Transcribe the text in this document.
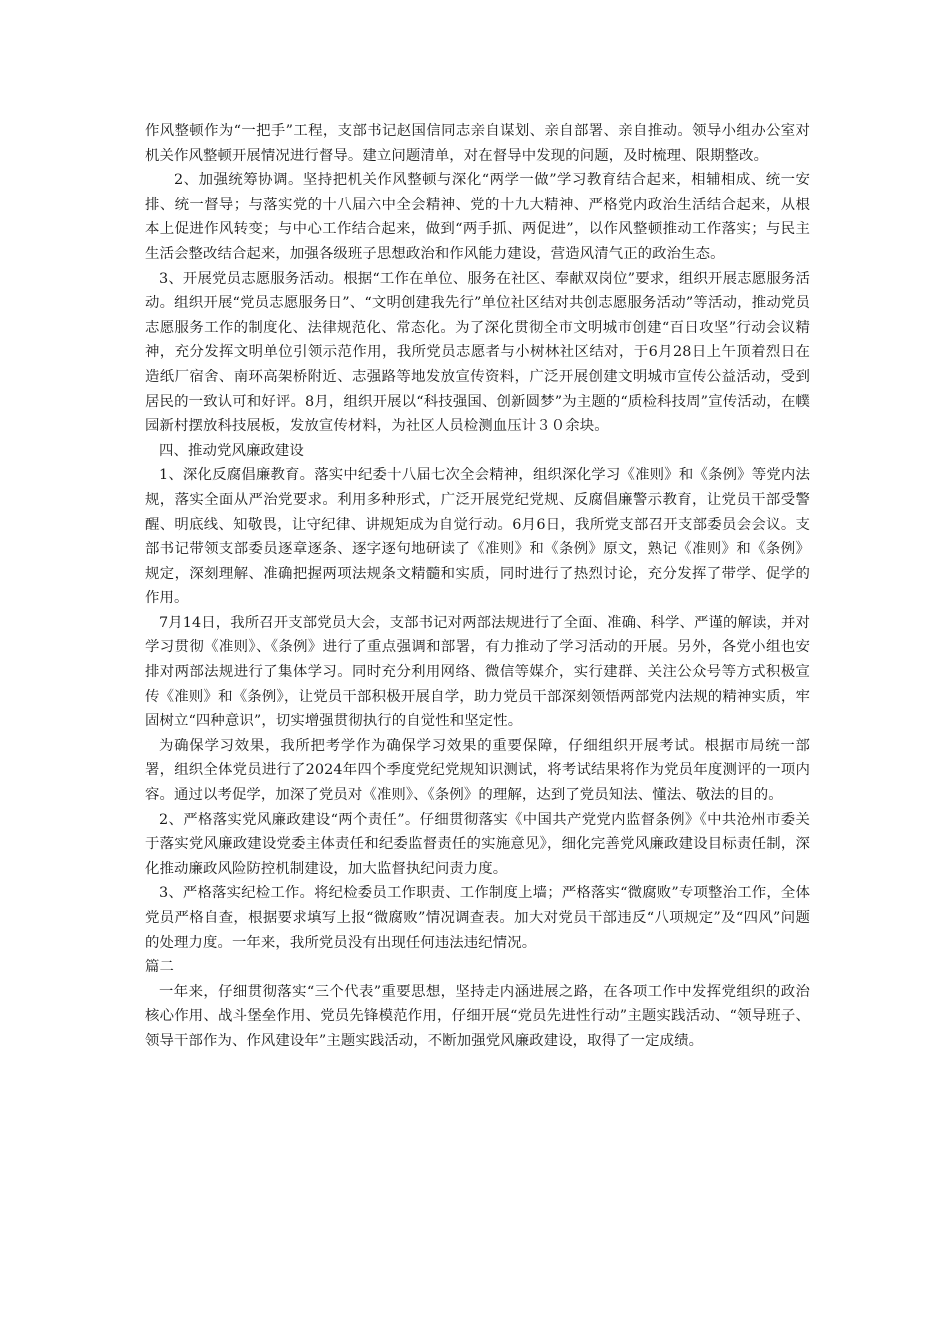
作风整顿作为“一把手”工程，支部书记赵国信同志亲自谋划、亲自部署、亲自推动。领导小组办公室对机关作风整顿开展情况进行督导。建立问题清单，对在督导中发现的问题，及时梳理、限期整改。

2、加强统筹协调。坚持把机关作风整顿与深化“两学一做”学习教育结合起来，相辅相成、统一安排、统一督导；与落实党的十八届六中全会精神、党的十九大精神、严格党内政治生活结合起来，从根本上促进作风转变；与中心工作结合起来，做到“两手抓、两促进”，以作风整顿推动工作落实；与民主生活会整改结合起来，加强各级班子思想政治和作风能力建设，营造风清气正的政治生态。

3、开展党员志愿服务活动。根据“工作在单位、服务在社区、奉献双岗位”要求，组织开展志愿服务活动。组织开展“党员志愿服务日”、“文明创建我先行”单位社区结对共创志愿服务活动”等活动，推动党员志愿服务工作的制度化、法律规范化、常态化。为了深化贯彻全市文明城市创建“百日攻坚”行动会议精神，充分发挥文明单位引领示范作用，我所党员志愿者与小树林社区结对，于6月28日上午顶着烈日在造纸厂宿舍、南环高架桥附近、志强路等地发放宣传资料，广泛开展创建文明城市宣传公益活动，受到居民的一致认可和好评。8月，组织开展以“科技强国、创新圆梦”为主题的“质检科技周”宣传活动，在幞园新村摆放科技展板，发放宣传材料，为社区人员检测血压计３０余块。

四、推动党风廉政建设

1、深化反腐倡廉教育。落实中纪委十八届七次全会精神，组织深化学习《准则》和《条例》等党内法规，落实全面从严治党要求。利用多种形式，广泛开展党纪党规、反腐倡廉警示教育，让党员干部受警醒、明底线、知敬畏，让守纪律、讲规矩成为自觉行动。6月6日，我所党支部召开支部委员会会议。支部书记带领支部委员逐章逐条、逐字逐句地研读了《准则》和《条例》原文，熟记《准则》和《条例》规定，深刻理解、准确把握两项法规条文精髓和实质，同时进行了热烈讨论，充分发挥了带学、促学的作用。

7月14日，我所召开支部党员大会，支部书记对两部法规进行了全面、准确、科学、严谨的解读，并对学习贯彻《准则》、《条例》进行了重点强调和部署，有力推动了学习活动的开展。另外，各党小组也安排对两部法规进行了集体学习。同时充分利用网络、微信等媒介，实行建群、关注公众号等方式积极宣传《准则》和《条例》，让党员干部积极开展自学，助力党员干部深刻领悟两部党内法规的精神实质，牢固树立“四种意识”，切实增强贯彻执行的自觉性和坚定性。

为确保学习效果，我所把考学作为确保学习效果的重要保障，仔细组织开展考试。根据市局统一部署，组织全体党员进行了2024年四个季度党纪党规知识测试，将考试结果将作为党员年度测评的一项内容。通过以考促学，加深了党员对《准则》、《条例》的理解，达到了党员知法、懂法、敬法的目的。

2、严格落实党风廉政建设“两个责任”。仔细贯彻落实《中国共产党党内监督条例》《中共沧州市委关于落实党风廉政建设党委主体责任和纪委监督责任的实施意见》，细化完善党风廉政建设目标责任制，深化推动廉政风险防控机制建设，加大监督执纪问责力度。

3、严格落实纪检工作。将纪检委员工作职责、工作制度上墙；严格落实“微腐败”专项整治工作，全体党员严格自查，根据要求填写上报“微腐败”情况调查表。加大对党员干部违反“八项规定”及“四风”问题的处理力度。一年来，我所党员没有出现任何违法违纪情况。

篇二

一年来，仔细贯彻落实“三个代表”重要思想，坚持走内涵进展之路，在各项工作中发挥党组织的政治核心作用、战斗堡垒作用、党员先锋模范作用，仔细开展“党员先进性行动”主题实践活动、“领导班子、领导干部作为、作风建设年”主题实践活动，不断加强党风廉政建设，取得了一定成绩。
